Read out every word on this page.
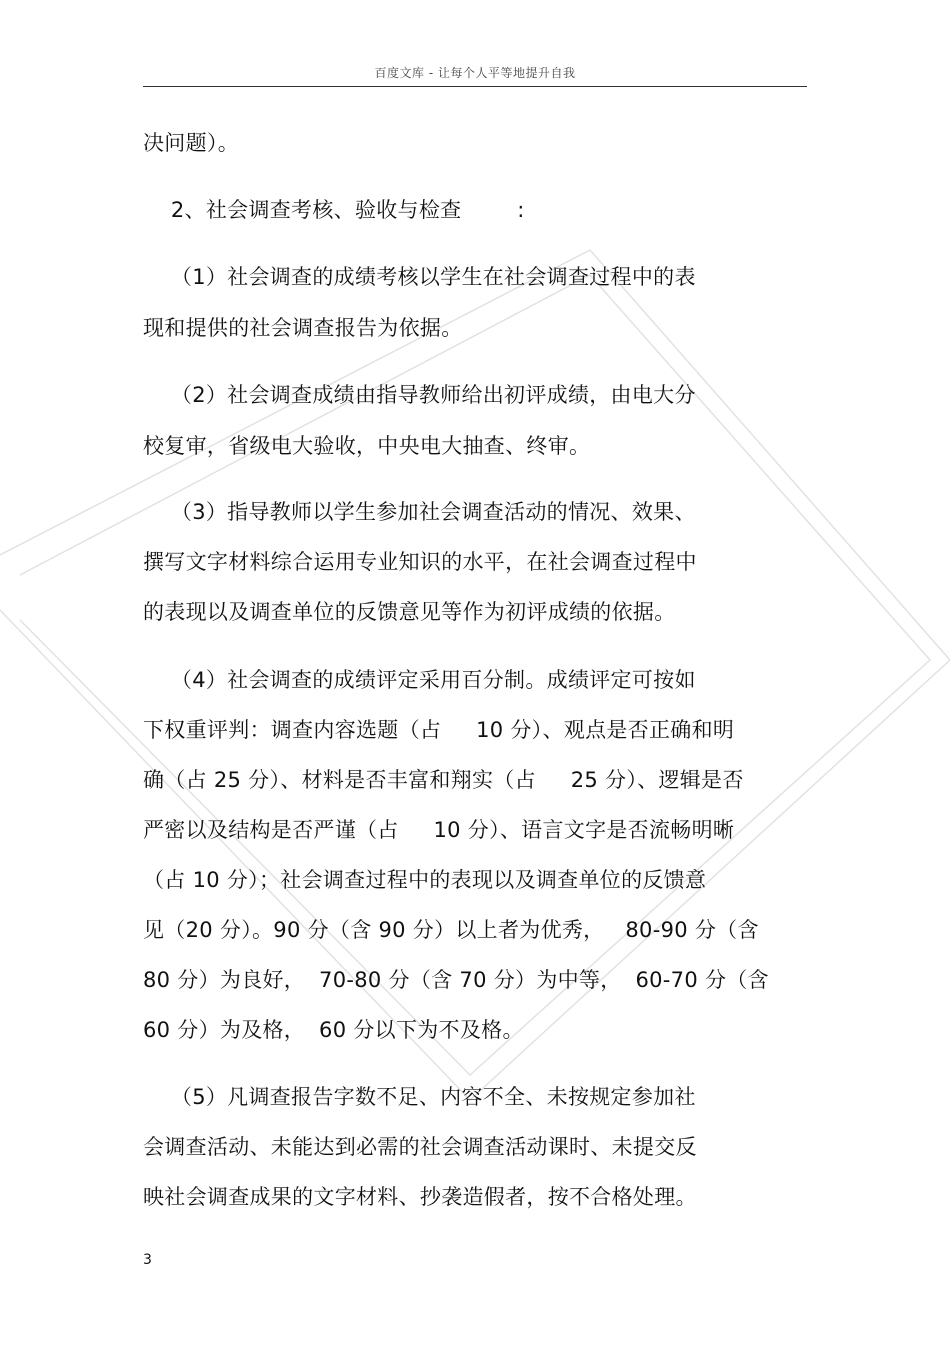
百度文库 - 让每个人平等地提升自我
决问题）。
2、社会调查考核、验收与检查        :
（1）社会调查的成绩考核以学生在社会调查过程中的表
现和提供的社会调查报告为依据。
（2）社会调查成绩由指导教师给出初评成绩，由电大分
校复审，省级电大验收，中央电大抽查、终审。
（3）指导教师以学生参加社会调查活动的情况、效果、
撰写文字材料综合运用专业知识的水平，在社会调查过程中
的表现以及调查单位的反馈意见等作为初评成绩的依据。
（4）社会调查的成绩评定采用百分制。成绩评定可按如
下权重评判：调查内容选题（占     10 分）、观点是否正确和明
确（占 25 分）、材料是否丰富和翔实（占     25 分）、逻辑是否
严密以及结构是否严谨（占     10 分）、语言文字是否流畅明晰
（占 10 分）；社会调查过程中的表现以及调查单位的反馈意
见（20 分）。90 分（含 90 分）以上者为优秀，   80-90 分（含
80 分）为良好，  70-80 分（含 70 分）为中等，  60-70 分（含
60 分）为及格，  60 分以下为不及格。
（5）凡调查报告字数不足、内容不全、未按规定参加社
会调查活动、未能达到必需的社会调查活动课时、未提交反
映社会调查成果的文字材料、抄袭造假者，按不合格处理。
3
